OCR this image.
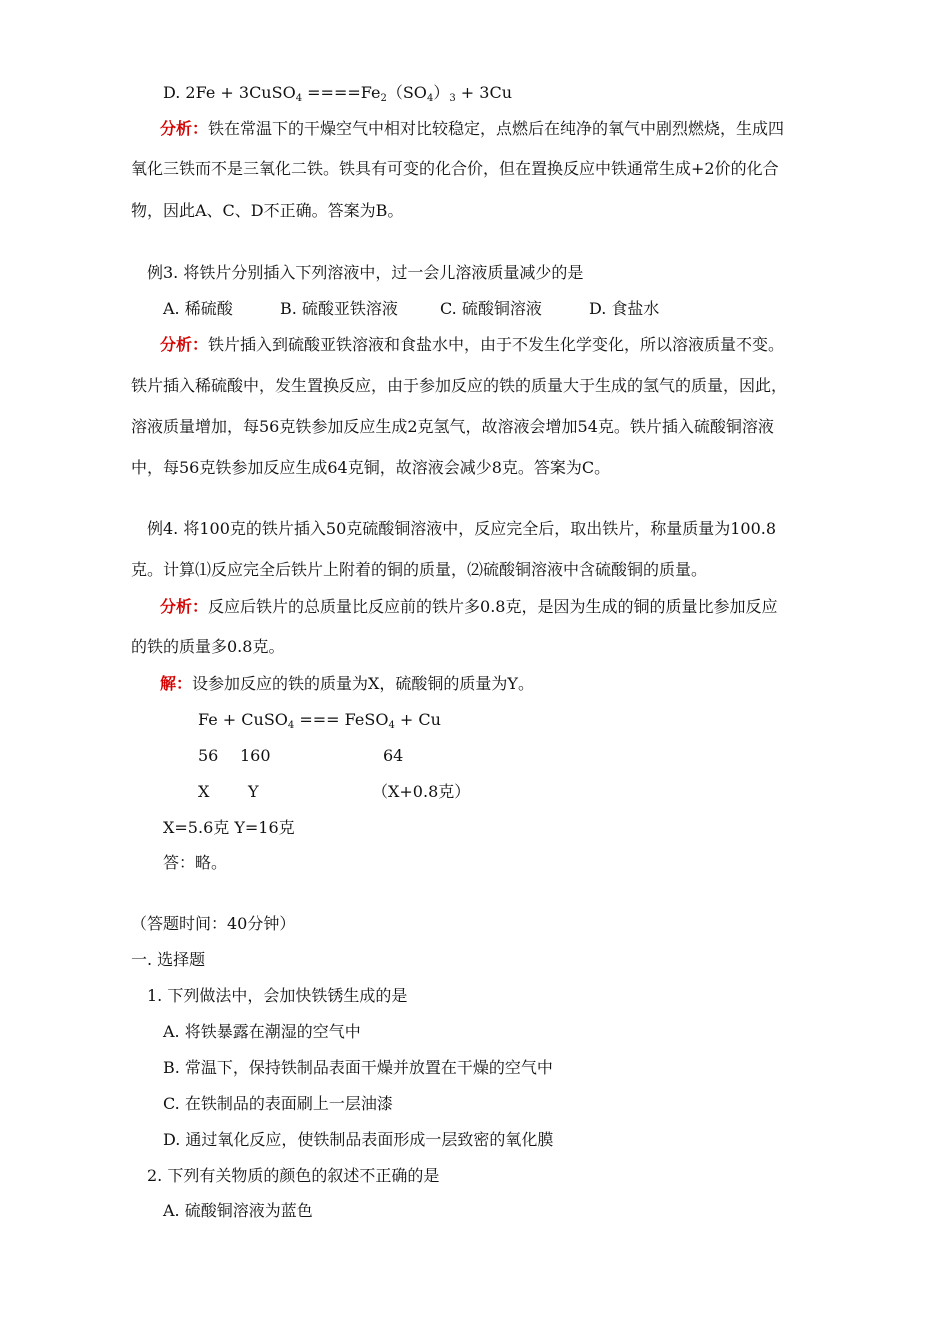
D. 2Fe + 3CuSO$_4$ $====Fe_2(SO_4)_3 + 3Cu$
分析：铁在常温下的干燥空气中相对比较稳定，点燃后在纯净的氧气中剧烈燃烧，生成四
氧化三铁而不是三氧化二铁。铁具有可变的化合价，但在置换反应中铁通常生成+2价的化合
物，因此A、C、D不正确。答案为B。
例3. 将铁片分别插入下列溶液中，过一会儿溶液质量减少的是
A. 稀硫酸	B. 硫酸亚铁溶液	C. 硫酸铜溶液	D. 食盐水
分析：铁片插入到硫酸亚铁溶液和食盐水中，由于不发生化学变化，所以溶液质量不变。
铁片插入稀硫酸中，发生置换反应，由于参加反应的铁的质量大于生成的氢气的质量，因此，
溶液质量增加，每56克铁参加反应生成2克氢气，故溶液会增加54克。铁片插入硫酸铜溶液
中，每56克铁参加反应生成64克铜，故溶液会减少8克。答案为C。
例4. 将100克的铁片插入50克硫酸铜溶液中，反应完全后，取出铁片，称量质量为100.8
克。计算⑴反应完全后铁片上附着的铜的质量，⑵硫酸铜溶液中含硫酸铜的质量。
分析：反应后铁片的总质量比反应前的铁片多0.8克，是因为生成的铜的质量比参加反应
的铁的质量多0.8克。
解：设参加反应的铁的质量为X，硫酸铜的质量为Y。
Fe + CuSO$_4$ === FeSO$_4$ + Cu
56 160	64
X Y	（X+0.8克）
X=5.6克 Y=16克
答：略。
（答题时间：40分钟）
一. 选择题
1. 下列做法中，会加快铁锈生成的是
A. 将铁暴露在潮湿的空气中
B. 常温下，保持铁制品表面干燥并放置在干燥的空气中
C. 在铁制品的表面刷上一层油漆
D. 通过氧化反应，使铁制品表面形成一层致密的氧化膜
2. 下列有关物质的颜色的叙述不正确的是
A. 硫酸铜溶液为蓝色
